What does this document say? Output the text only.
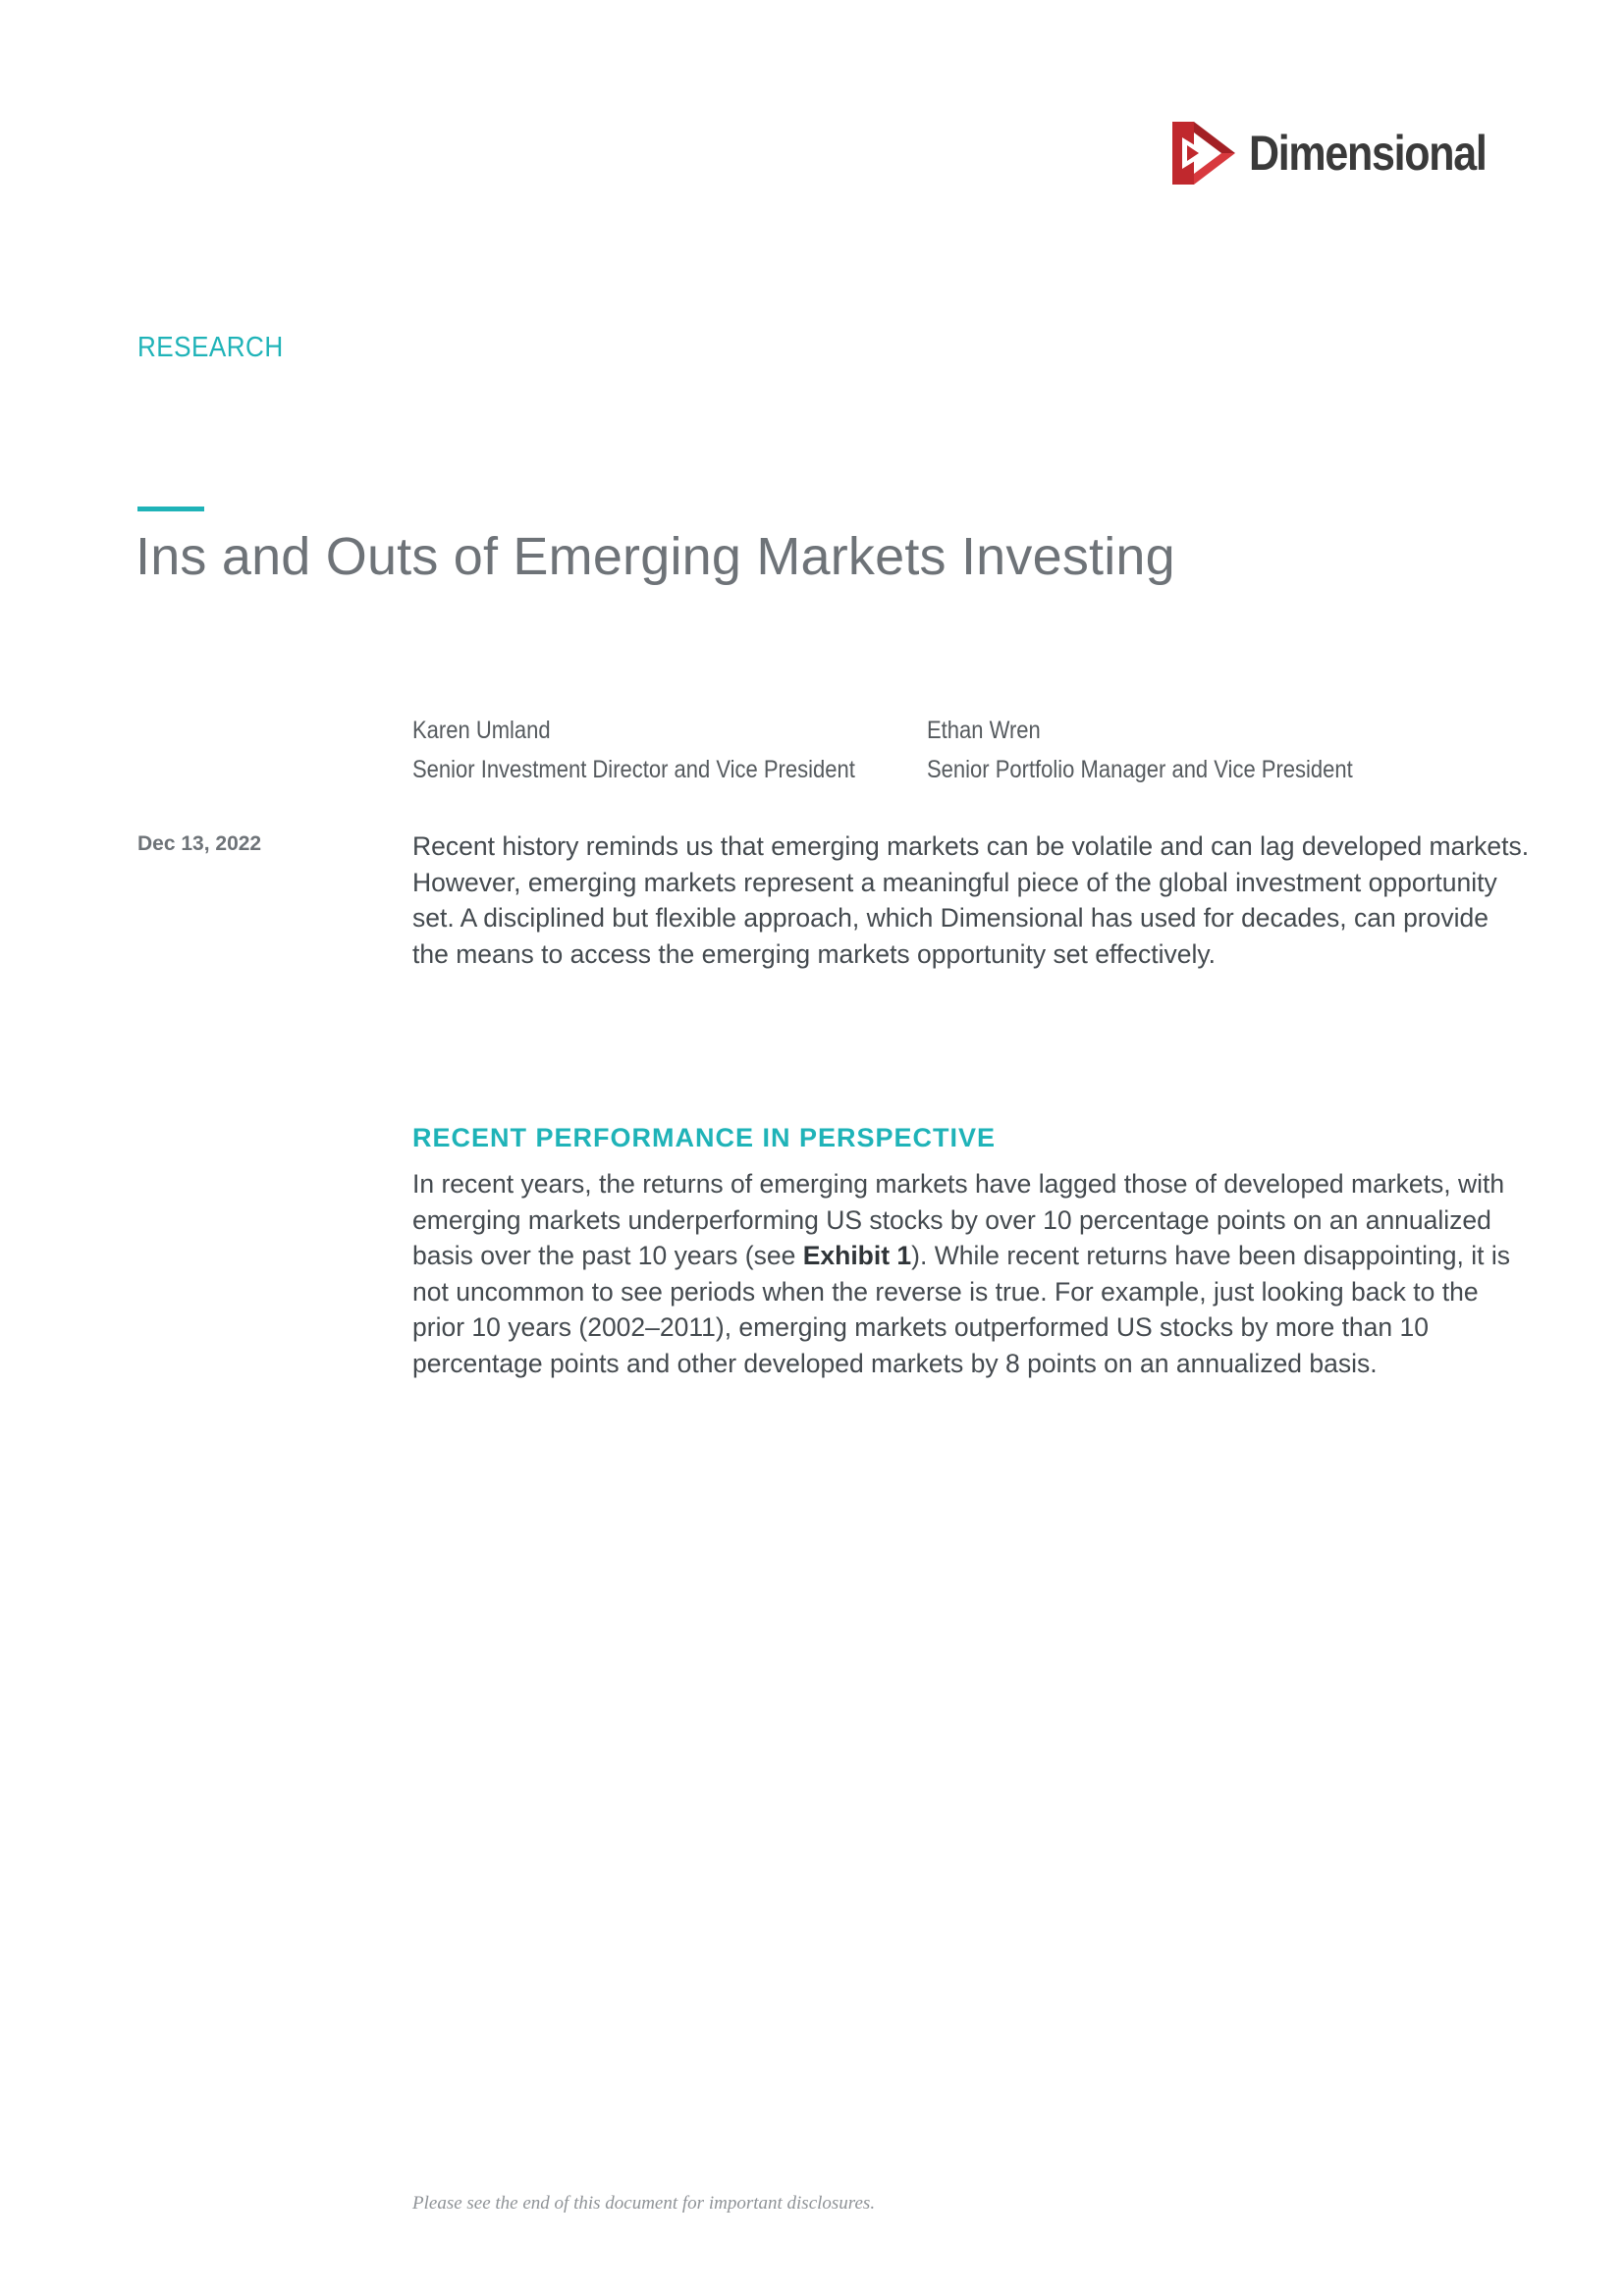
Dimensional
RESEARCH
Ins and Outs of Emerging Markets Investing
Karen Umland
Senior Investment Director and Vice President
Ethan Wren
Senior Portfolio Manager and Vice President
Dec 13, 2022	Recent history reminds us that emerging markets can be volatile and can lag developed markets. However, emerging markets represent a meaningful piece of the global investment opportunity set. A disciplined but flexible approach, which Dimensional has used for decades, can provide the means to access the emerging markets opportunity set effectively.

RECENT PERFORMANCE IN PERSPECTIVE

In recent years, the returns of emerging markets have lagged those of developed markets, with emerging markets underperforming US stocks by over 10 percentage points on an annualized basis over the past 10 years (see Exhibit 1). While recent returns have been disappointing, it is not uncommon to see periods when the reverse is true. For example, just looking back to the prior 10 years (2002–2011), emerging markets outperformed US stocks by more than 10 percentage points and other developed markets by 8 points on an annualized basis.

Please see the end of this document for important disclosures.
